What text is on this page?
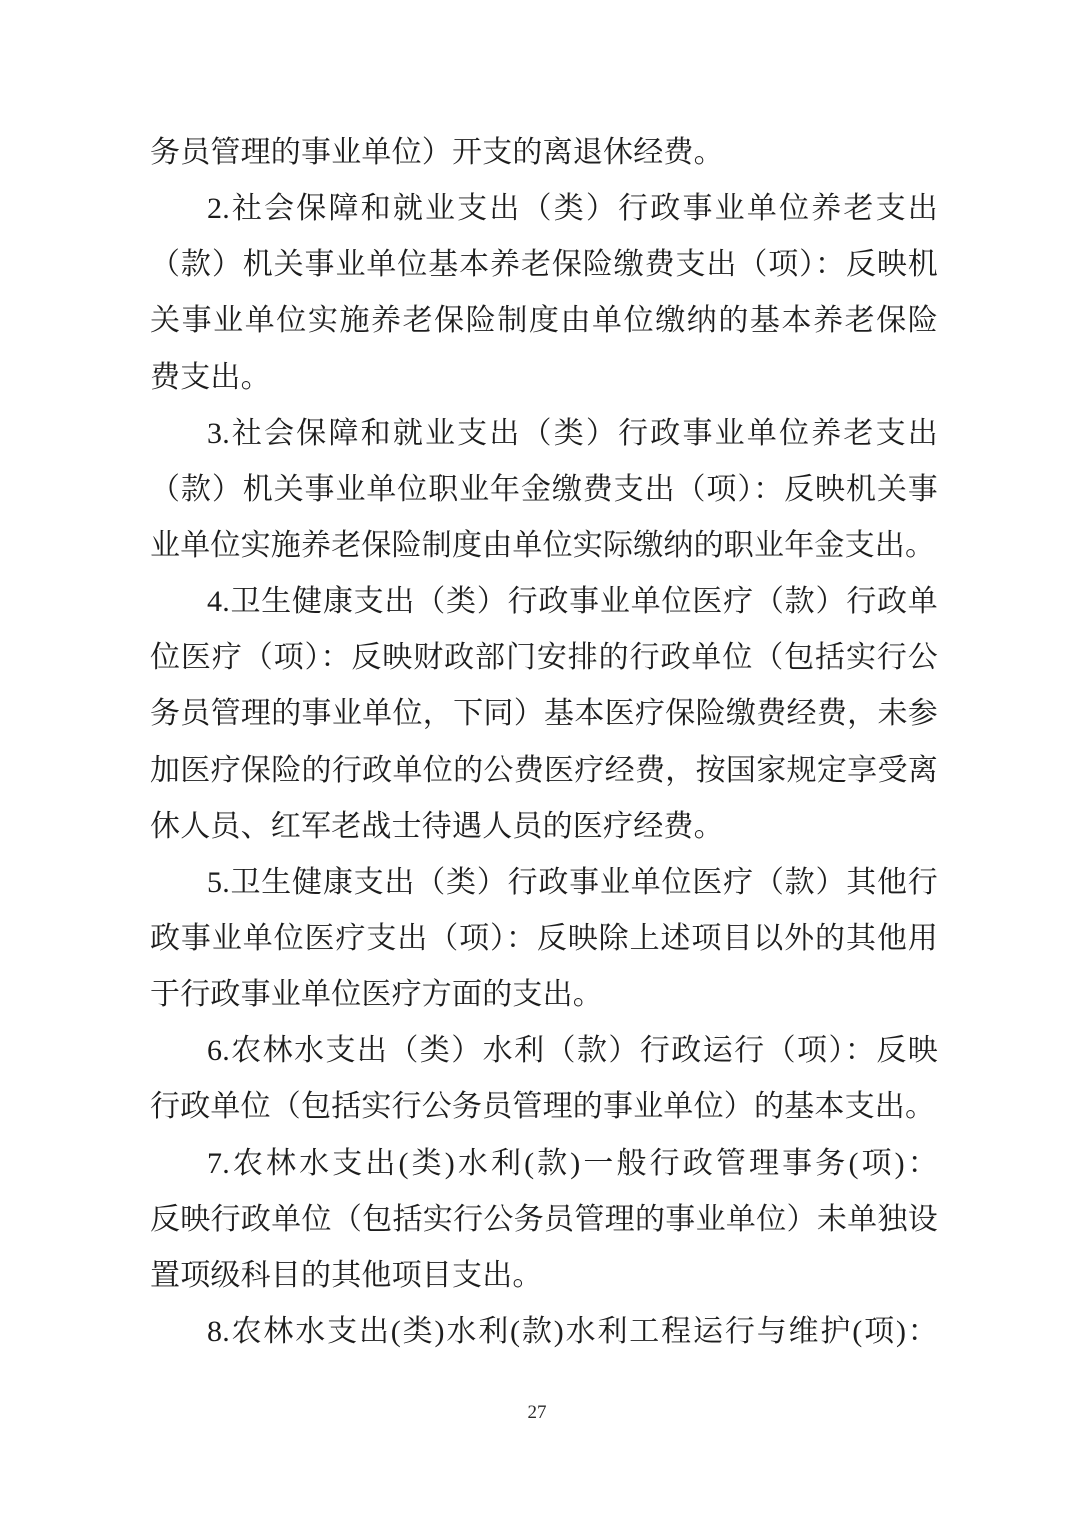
务员管理的事业单位）开支的离退休经费。
2.社会保障和就业支出（类）行政事业单位养老支出
（款）机关事业单位基本养老保险缴费支出（项）：反映机
关事业单位实施养老保险制度由单位缴纳的基本养老保险
费支出。
3.社会保障和就业支出（类）行政事业单位养老支出
（款）机关事业单位职业年金缴费支出（项）：反映机关事
业单位实施养老保险制度由单位实际缴纳的职业年金支出。
4.卫生健康支出（类）行政事业单位医疗（款）行政单
位医疗（项）：反映财政部门安排的行政单位（包括实行公
务员管理的事业单位，下同）基本医疗保险缴费经费，未参
加医疗保险的行政单位的公费医疗经费，按国家规定享受离
休人员、红军老战士待遇人员的医疗经费。
5.卫生健康支出（类）行政事业单位医疗（款）其他行
政事业单位医疗支出（项）：反映除上述项目以外的其他用
于行政事业单位医疗方面的支出。
6.农林水支出（类）水利（款）行政运行（项）：反映
行政单位（包括实行公务员管理的事业单位）的基本支出。
7.农林水支出(类)水利(款)一般行政管理事务(项)：
反映行政单位（包括实行公务员管理的事业单位）未单独设
置项级科目的其他项目支出。
8.农林水支出(类)水利(款)水利工程运行与维护(项)：
27
